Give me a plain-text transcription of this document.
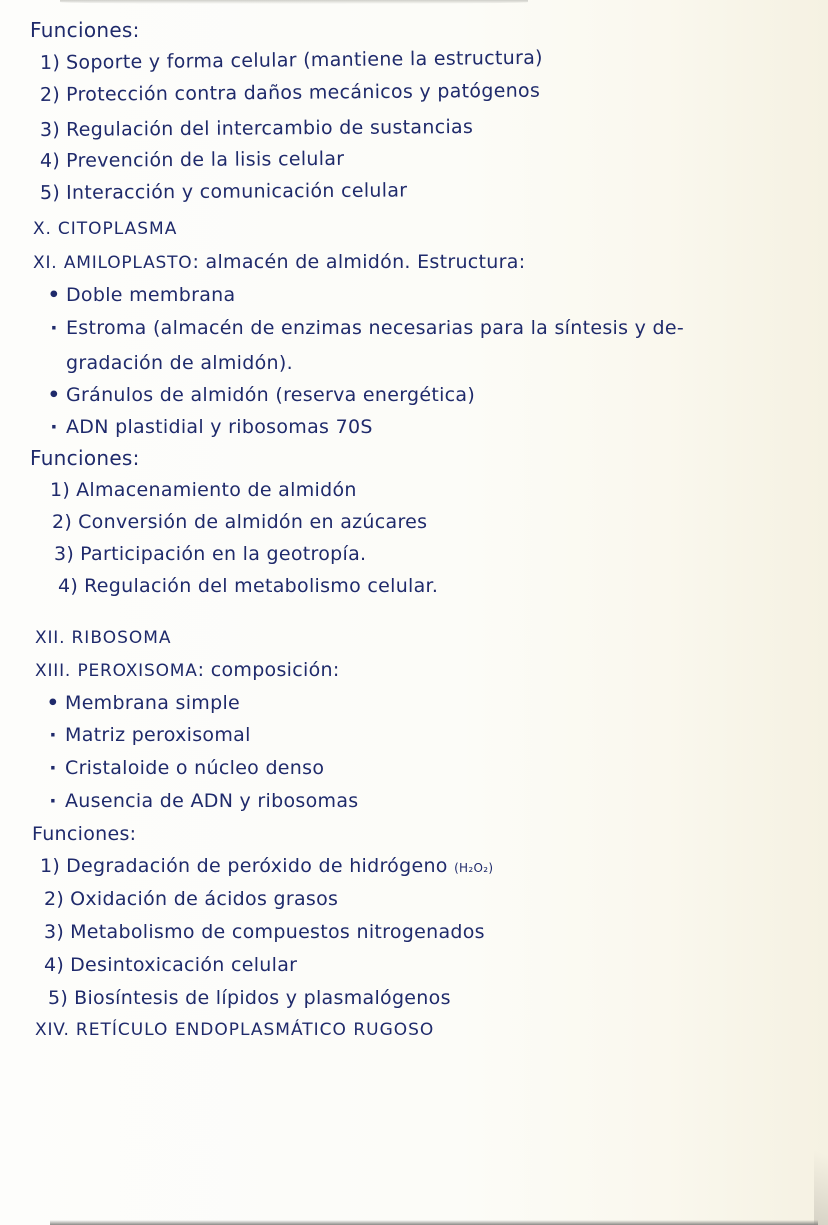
Funciones:
1) Soporte y forma celular (mantiene la estructura)
2) Protección contra daños mecánicos y patógenos
3) Regulación del intercambio de sustancias
4) Prevención de la lisis celular
5) Interacción y comunicación celular
X. CITOPLASMA
XI. AMILOPLASTO: almacén de almidón. Estructura:
• Doble membrana
· Estroma (almacén de enzimas necesarias para la síntesis y de-
gradación de almidón).
• Gránulos de almidón (reserva energética)
· ADN plastidial y ribosomas 70S
Funciones:
1) Almacenamiento de almidón
2) Conversión de almidón en azúcares
3) Participación en la geotropía.
4) Regulación del metabolismo celular.
XII. RIBOSOMA
XIII. PEROXISOMA: composición:
• Membrana simple
· Matriz peroxisomal
· Cristaloide o núcleo denso
· Ausencia de ADN y ribosomas
Funciones:
1) Degradación de peróxido de hidrógeno (H₂O₂)
2) Oxidación de ácidos grasos
3) Metabolismo de compuestos nitrogenados
4) Desintoxicación celular
5) Biosíntesis de lípidos y plasmalógenos
XIV. RETÍCULO ENDOPLASMÁTICO RUGOSO
